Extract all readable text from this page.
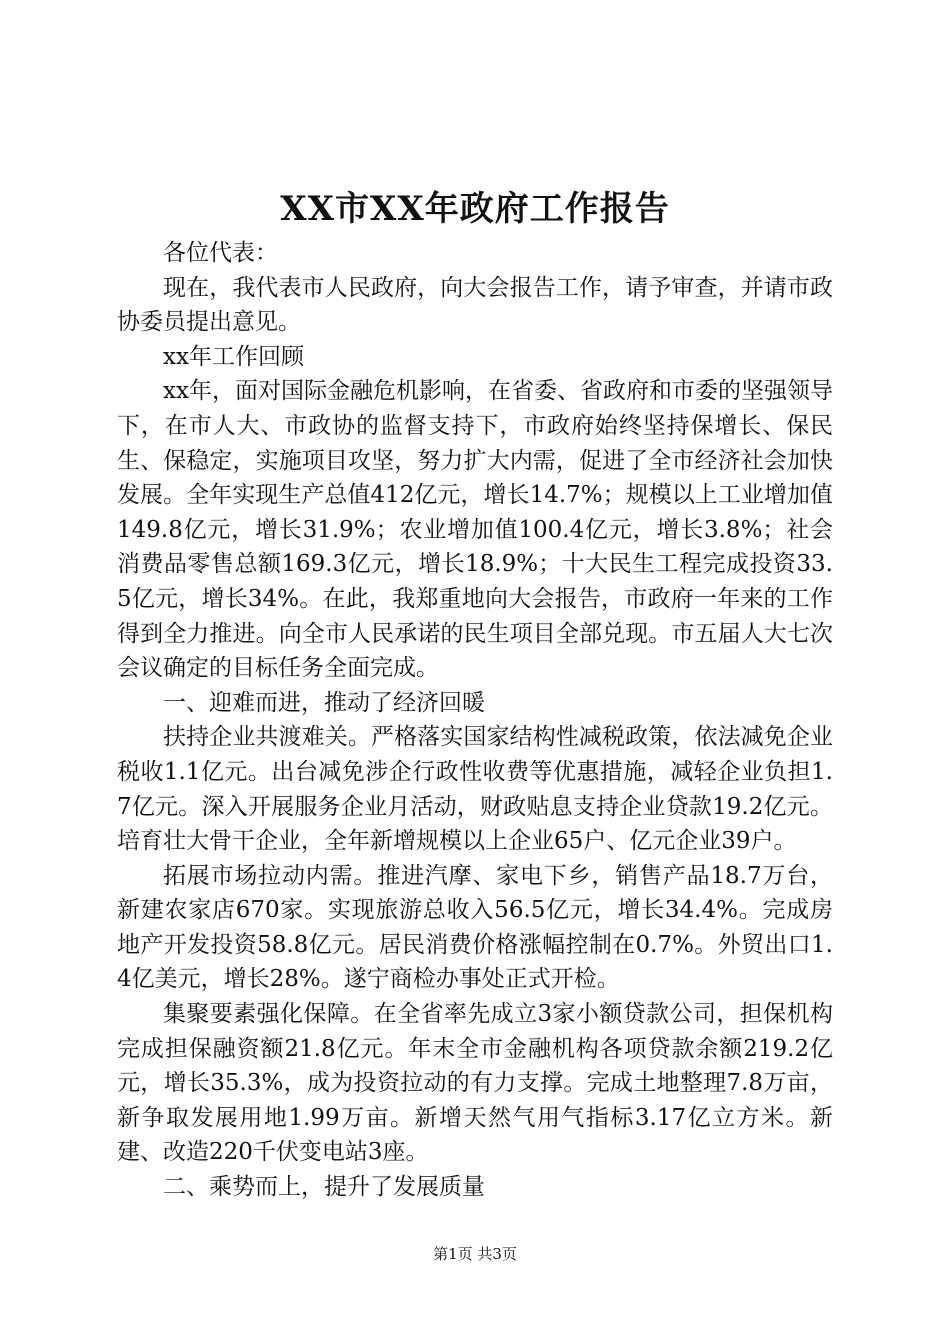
XX市XX年政府工作报告

各位代表：

现在，我代表市人民政府，向大会报告工作，请予审查，并请市政协委员提出意见。

xx年工作回顾

xx年，面对国际金融危机影响，在省委、省政府和市委的坚强领导下，在市人大、市政协的监督支持下，市政府始终坚持保增长、保民生、保稳定，实施项目攻坚，努力扩大内需，促进了全市经济社会加快发展。全年实现生产总值412亿元，增长14.7%；规模以上工业增加值149.8亿元，增长31.9%；农业增加值100.4亿元，增长3.8%；社会消费品零售总额169.3亿元，增长18.9%；十大民生工程完成投资33.5亿元，增长34%。在此，我郑重地向大会报告，市政府一年来的工作得到全力推进。向全市人民承诺的民生项目全部兑现。市五届人大七次会议确定的目标任务全面完成。

一、迎难而进，推动了经济回暖

扶持企业共渡难关。严格落实国家结构性减税政策，依法减免企业税收1.1亿元。出台减免涉企行政性收费等优惠措施，减轻企业负担1.7亿元。深入开展服务企业月活动，财政贴息支持企业贷款19.2亿元。培育壮大骨干企业，全年新增规模以上企业65户、亿元企业39户。

拓展市场拉动内需。推进汽摩、家电下乡，销售产品18.7万台，新建农家店670家。实现旅游总收入56.5亿元，增长34.4%。完成房地产开发投资58.8亿元。居民消费价格涨幅控制在0.7%。外贸出口1.4亿美元，增长28%。遂宁商检办事处正式开检。

集聚要素强化保障。在全省率先成立3家小额贷款公司，担保机构完成担保融资额21.8亿元。年末全市金融机构各项贷款余额219.2亿元，增长35.3%，成为投资拉动的有力支撑。完成土地整理7.8万亩，新争取发展用地1.99万亩。新增天然气用气指标3.17亿立方米。新建、改造220千伏变电站3座。

二、乘势而上，提升了发展质量

第1页 共3页
